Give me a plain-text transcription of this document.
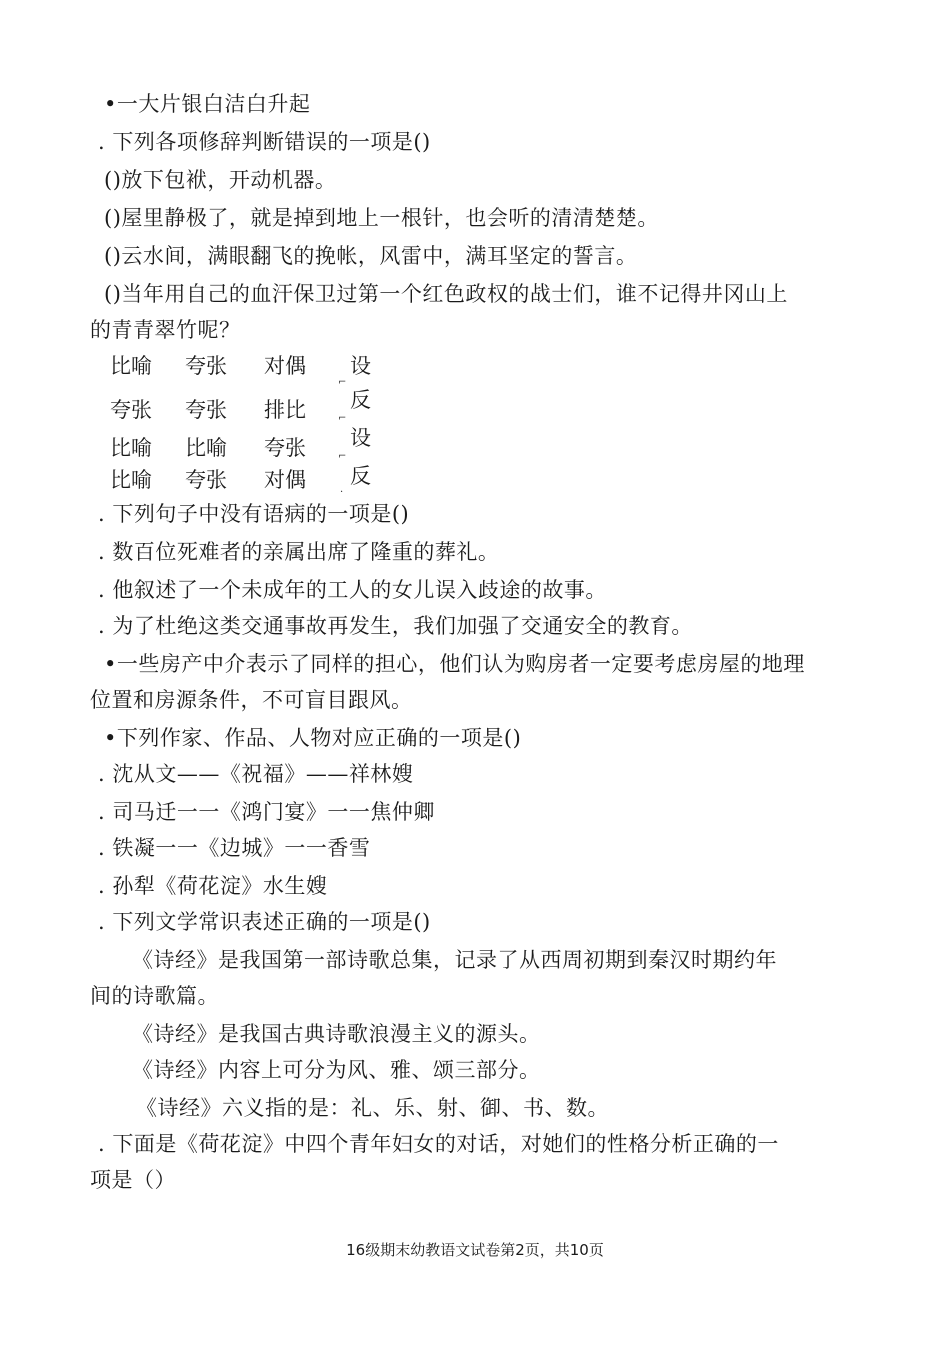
•一大片银白洁白升起
. 下列各项修辞判断错误的一项是()
()放下包袱，开动机器。
()屋里静极了，就是掉到地上一根针，也会听的清清楚楚。
()云水间，满眼翻飞的挽帐，风雷中，满耳坚定的誓言。
()当年用自己的血汗保卫过第一个红色政权的战士们，谁不记得井冈山上
的青青翠竹呢？
比喻 夸张 对偶 设
夸张 夸张 排比 反
比喻 比喻 夸张 设
比喻 夸张 对偶 反
⌐
⌐
⌐
·
. 下列句子中没有语病的一项是()
. 数百位死难者的亲属出席了隆重的葬礼。
. 他叙述了一个未成年的工人的女儿误入歧途的故事。
. 为了杜绝这类交通事故再发生，我们加强了交通安全的教育。
•一些房产中介表示了同样的担心，他们认为购房者一定要考虑房屋的地理
位置和房源条件，不可盲目跟风。
•下列作家、作品、人物对应正确的一项是()
. 沈从文——《祝福》——祥林嫂
. 司马迁一一《鸿门宴》一一焦仲卿
. 铁凝一一《边城》一一香雪
. 孙犁《荷花淀》水生嫂
. 下列文学常识表述正确的一项是()
《诗经》是我国第一部诗歌总集，记录了从西周初期到秦汉时期约年
间的诗歌篇。
《诗经》是我国古典诗歌浪漫主义的源头。
《诗经》内容上可分为风、雅、颂三部分。
《诗经》六义指的是：礼、乐、射、御、书、数。
. 下面是《荷花淀》中四个青年妇女的对话，对她们的性格分析正确的一
项是（）
16级期末幼教语文试卷第2页，共10页
